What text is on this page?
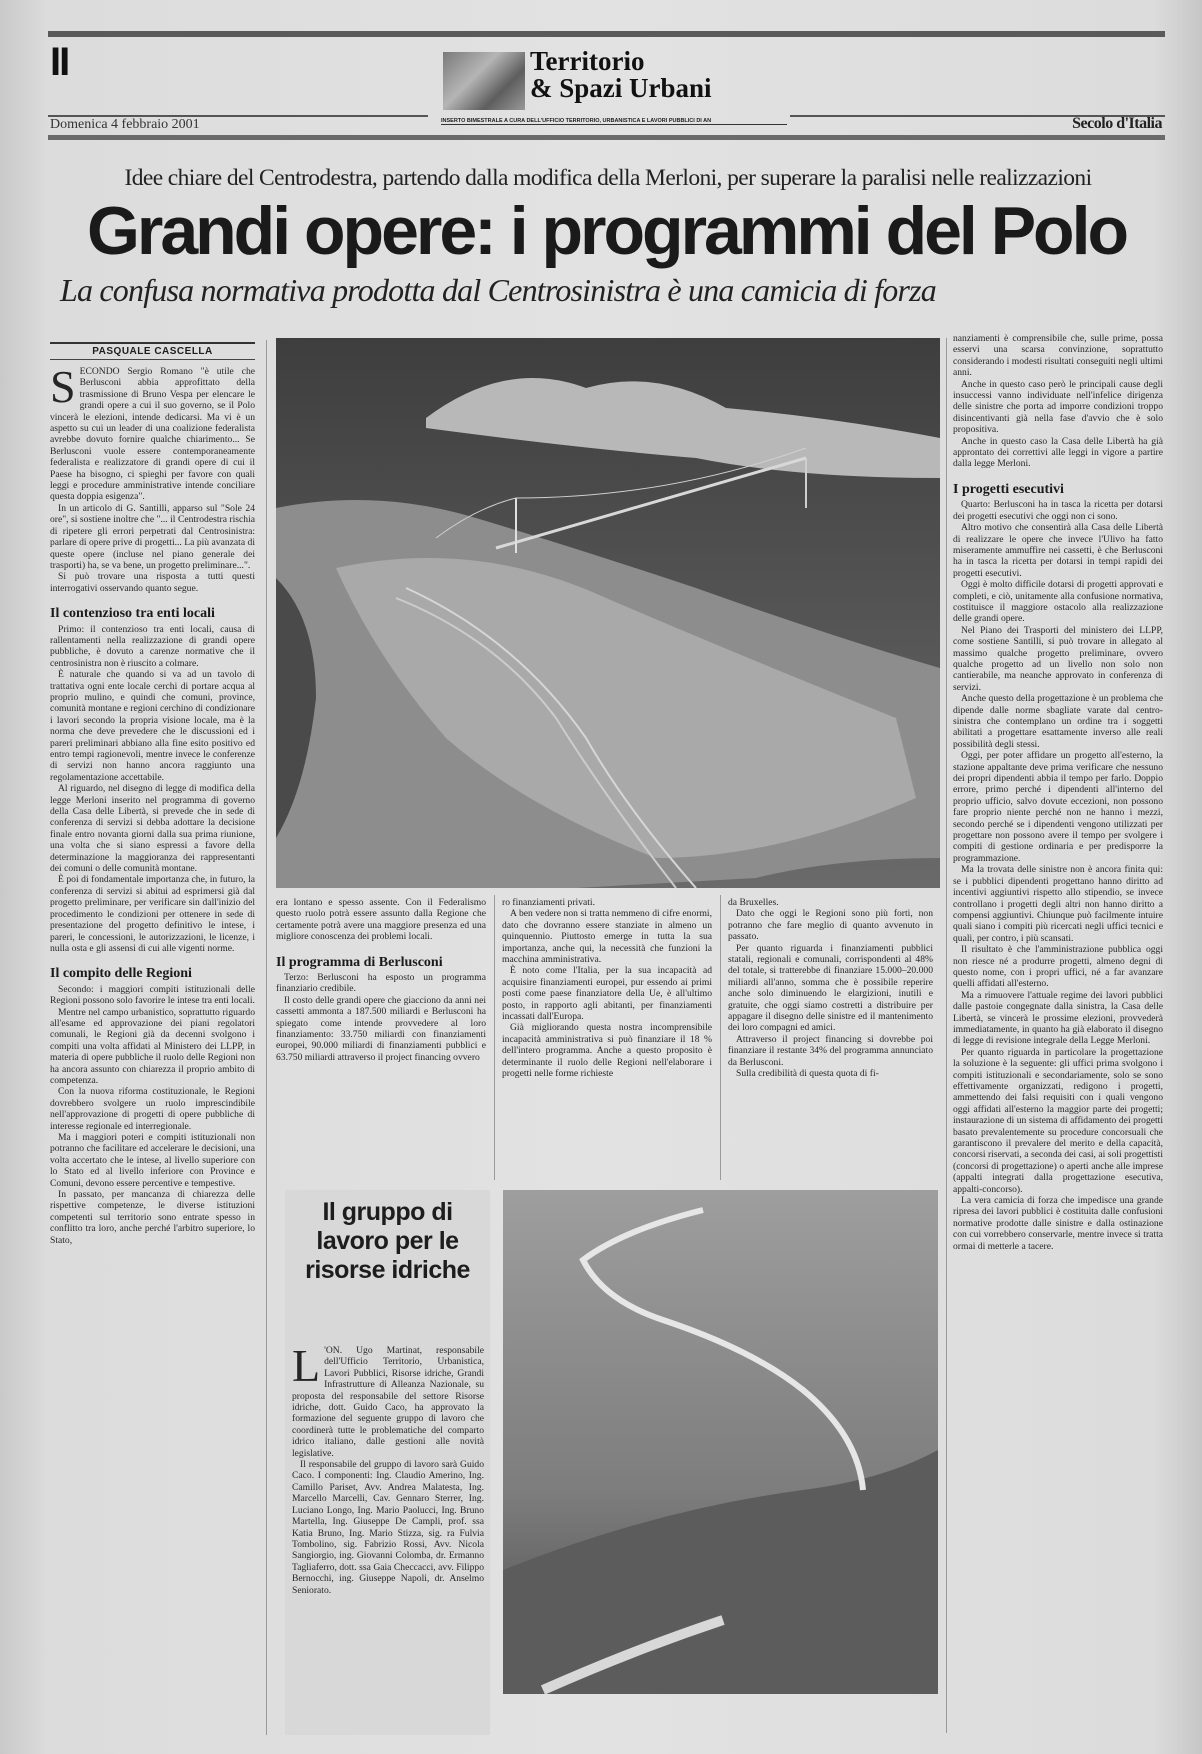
II	Territorio
& Spazi Urbani
Domenica 4 febbraio 2001	INSERTO BIMESTRALE A CURA DELL'UFFICIO TERRITORIO, URBANISTICA E LAVORI PUBBLICI DI AN	Secolo d'Italia
Idee chiare del Centrodestra, partendo dalla modifica della Merloni, per superare la paralisi nelle realizzazioni
Grandi opere: i programmi del Polo
La confusa normativa prodotta dal Centrosinistra è una camicia di forza
PASQUALE CASCELLA

SECONDO Sergio Romano "è utile che Berlusconi abbia approfittato della trasmissione di Bruno Vespa per elencare le grandi opere a cui il suo governo, se il Polo vincerà le elezioni, intende dedicarsi. Ma vi è un aspetto su cui un leader di una coalizione federalista avrebbe dovuto fornire qualche chiarimento... Se Berlusconi vuole essere contemporaneamente federalista e realizzatore di grandi opere di cui il Paese ha bisogno, ci spieghi per favore con quali leggi e procedure amministrative intende conciliare questa doppia esigenza".

In un articolo di G. Santilli, apparso sul "Sole 24 ore", si sostiene inoltre che "... il Centrodestra rischia di ripetere gli errori perpetrati dal Centrosinistra: parlare di opere prive di progetti... La più avanzata di queste opere (incluse nel piano generale dei trasporti) ha, se va bene, un progetto preliminare...".

Si può trovare una risposta a tutti questi interrogativi osservando quanto segue.

Il contenzioso tra enti locali

Primo: il contenzioso tra enti locali, causa di rallentamenti nella realizzazione di grandi opere pubbliche, è dovuto a carenze normative che il centrosinistra non è riuscito a colmare.

È naturale che quando si va ad un tavolo di trattativa ogni ente locale cerchi di portare acqua al proprio mulino, e quindi che comuni, province, comunità montane e regioni cerchino di condizionare i lavori secondo la propria visione locale, ma è la norma che deve prevedere che le discussioni ed i pareri preliminari abbiano alla fine esito positivo ed entro tempi ragionevoli, mentre invece le conferenze di servizi non hanno ancora raggiunto una regolamentazione accettabile.

Al riguardo, nel disegno di legge di modifica della legge Merloni inserito nel programma di governo della Casa delle Libertà, si prevede che in sede di conferenza di servizi si debba adottare la decisione finale entro novanta giorni dalla sua prima riunione, una volta che si siano espressi a favore della determinazione la maggioranza dei rappresentanti dei comuni o delle comunità montane.

È poi di fondamentale importanza che, in futuro, la conferenza di servizi si abitui ad esprimersi già dal progetto preliminare, per verificare sin dall'inizio del procedimento le condizioni per ottenere in sede di presentazione del progetto definitivo le intese, i pareri, le concessioni, le autorizzazioni, le licenze, i nulla osta e gli assensi di cui alle vigenti norme.

Il compito delle Regioni

Secondo: i maggiori compiti istituzionali delle Regioni possono solo favorire le intese tra enti locali.

Mentre nel campo urbanistico, soprattutto riguardo all'esame ed approvazione dei piani regolatori comunali, le Regioni già da decenni svolgono i compiti una volta affidati al Ministero dei LLPP, in materia di opere pubbliche il ruolo delle Regioni non ha ancora assunto con chiarezza il proprio ambito di competenza.

Con la nuova riforma costituzionale, le Regioni dovrebbero svolgere un ruolo imprescindibile nell'approvazione di progetti di opere pubbliche di interesse regionale ed interregionale.

Ma i maggiori poteri e compiti istituzionali non potranno che facilitare ed accelerare le decisioni, una volta accertato che le intese, al livello superiore con lo Stato ed al livello inferiore con Province e Comuni, devono essere percentive e tempestive.

In passato, per mancanza di chiarezza delle rispettive competenze, le diverse istituzioni competenti sul territorio sono entrate spesso in conflitto tra loro, anche perché l'arbitro superiore, lo Stato,

era lontano e spesso assente. Con il Federalismo questo ruolo potrà essere assunto dalla Regione che certamente potrà avere una maggiore presenza ed una migliore conoscenza dei problemi locali.

Il programma di Berlusconi

Terzo: Berlusconi ha esposto un programma finanziario credibile.

Il costo delle grandi opere che giacciono da anni nei cassetti ammonta a 187.500 miliardi e Berlusconi ha spiegato come intende provvedere al loro finanziamento: 33.750 miliardi con finanziamenti europei, 90.000 miliardi di finanziamenti pubblici e 63.750 miliardi attraverso il project financing ovvero

ro finanziamenti privati.

A ben vedere non si tratta nemmeno di cifre enormi, dato che dovranno essere stanziate in almeno un quinquennio. Piuttosto emerge in tutta la sua importanza, anche qui, la necessità che funzioni la macchina amministrativa.

È noto come l'Italia, per la sua incapacità ad acquisire finanziamenti europei, pur essendo ai primi posti come paese finanziatore della Ue, è all'ultimo posto, in rapporto agli abitanti, per finanziamenti incassati dall'Europa.

Già migliorando questa nostra incomprensibile incapacità amministrativa si può finanziare il 18 % dell'intero programma. Anche a questo proposito è determinante il ruolo delle Regioni nell'elaborare i progetti nelle forme richieste

da Bruxelles.

Dato che oggi le Regioni sono più forti, non potranno che fare meglio di quanto avvenuto in passato.

Per quanto riguarda i finanziamenti pubblici statali, regionali e comunali, corrispondenti al 48% del totale, si tratterebbe di finanziare 15.000–20.000 miliardi all'anno, somma che è possibile reperire anche solo diminuendo le elargizioni, inutili e gratuite, che oggi siamo costretti a distribuire per appagare il disegno delle sinistre ed il mantenimento dei loro compagni ed amici.

Attraverso il project financing si dovrebbe poi finanziare il restante 34% del programma annunciato da Berlusconi.

Sulla credibilità di questa quota di fi-

nanziamenti è comprensibile che, sulle prime, possa esservi una scarsa convinzione, soprattutto considerando i modesti risultati conseguiti negli ultimi anni.

Anche in questo caso però le principali cause degli insuccessi vanno individuate nell'infelice dirigenza delle sinistre che porta ad imporre condizioni troppo disincentivanti già nella fase d'avvio che è solo propositiva.

Anche in questo caso la Casa delle Libertà ha già approntato dei correttivi alle leggi in vigore a partire dalla legge Merloni.

I progetti esecutivi

Quarto: Berlusconi ha in tasca la ricetta per dotarsi dei progetti esecutivi che oggi non ci sono.

Altro motivo che consentirà alla Casa delle Libertà di realizzare le opere che invece l'Ulivo ha fatto miseramente ammuffire nei cassetti, è che Berlusconi ha in tasca la ricetta per dotarsi in tempi rapidi dei progetti esecutivi.

Oggi è molto difficile dotarsi di progetti approvati e completi, e ciò, unitamente alla confusione normativa, costituisce il maggiore ostacolo alla realizzazione delle grandi opere.

Nel Piano dei Trasporti del ministero dei LLPP, come sostiene Santilli, si può trovare in allegato al massimo qualche progetto preliminare, ovvero qualche progetto ad un livello non solo non cantierabile, ma neanche approvato in conferenza di servizi.

Anche questo della progettazione è un problema che dipende dalle norme sbagliate varate dal centro-sinistra che contemplano un ordine tra i soggetti abilitati a progettare esattamente inverso alle reali possibilità degli stessi.

Oggi, per poter affidare un progetto all'esterno, la stazione appaltante deve prima verificare che nessuno dei propri dipendenti abbia il tempo per farlo. Doppio errore, primo perché i dipendenti all'interno del proprio ufficio, salvo dovute eccezioni, non possono fare proprio niente perché non ne hanno i mezzi, secondo perché se i dipendenti vengono utilizzati per progettare non possono avere il tempo per svolgere i compiti di gestione ordinaria e per predisporre la programmazione.

Ma la trovata delle sinistre non è ancora finita qui: se i pubblici dipendenti progettano hanno diritto ad incentivi aggiuntivi rispetto allo stipendio, se invece controllano i progetti degli altri non hanno diritto a compensi aggiuntivi. Chiunque può facilmente intuire quali siano i compiti più ricercati negli uffici tecnici e quali, per contro, i più scansati.

Il risultato è che l'amministrazione pubblica oggi non riesce né a produrre progetti, almeno degni di questo nome, con i propri uffici, né a far avanzare quelli affidati all'esterno.

Ma a rimuovere l'attuale regime dei lavori pubblici dalle pastoie congegnate dalla sinistra, la Casa delle Libertà, se vincerà le prossime elezioni, provvederà immediatamente, in quanto ha già elaborato il disegno di legge di revisione integrale della Legge Merloni.

Per quanto riguarda in particolare la progettazione la soluzione è la seguente: gli uffici prima svolgono i compiti istituzionali e secondariamente, solo se sono effettivamente organizzati, redigono i progetti, ammettendo dei falsi requisiti con i quali vengono oggi affidati all'esterno la maggior parte dei progetti; instaurazione di un sistema di affidamento dei progetti basato prevalentemente su procedure concorsuali che garantiscono il prevalere del merito e della capacità, concorsi riservati, a seconda dei casi, ai soli progettisti (concorsi di progettazione) o aperti anche alle imprese (appalti integrati dalla progettazione esecutiva, appalti-concorso).

La vera camicia di forza che impedisce una grande ripresa dei lavori pubblici è costituita dalle confusioni normative prodotte dalle sinistre e dalla ostinazione con cui vorrebbero conservarle, mentre invece si tratta ormai di metterle a tacere.

Il gruppo di lavoro per le risorse idriche

L 'ON. Ugo Martinat, responsabile dell'Ufficio Territorio, Urbanistica, Lavori Pubblici, Risorse idriche, Grandi Infrastrutture di Alleanza Nazionale, su proposta del responsabile del settore Risorse idriche, dott. Guido Caco, ha approvato la formazione del seguente gruppo di lavoro che coordinerà tutte le problematiche del comparto idrico italiano, dalle gestioni alle novità legislative.

Il responsabile del gruppo di lavoro sarà Guido Caco. I componenti: Ing. Claudio Amerino, Ing. Camillo Pariset, Avv. Andrea Malatesta, Ing. Marcello Marcelli, Cav. Gennaro Sterrer, Ing. Luciano Longo, Ing. Mario Paolucci, Ing. Bruno Martella, Ing. Giuseppe De Campli, prof. ssa Katia Bruno, Ing. Mario Stizza, sig. ra Fulvia Tombolino, sig. Fabrizio Rossi, Avv. Nicola Sangiorgio, ing. Giovanni Colomba, dr. Ermanno Tagliaferro, dott. ssa Gaia Checcacci, avv. Filippo Bernocchi, ing. Giuseppe Napoli, dr. Anselmo Seniorato.
